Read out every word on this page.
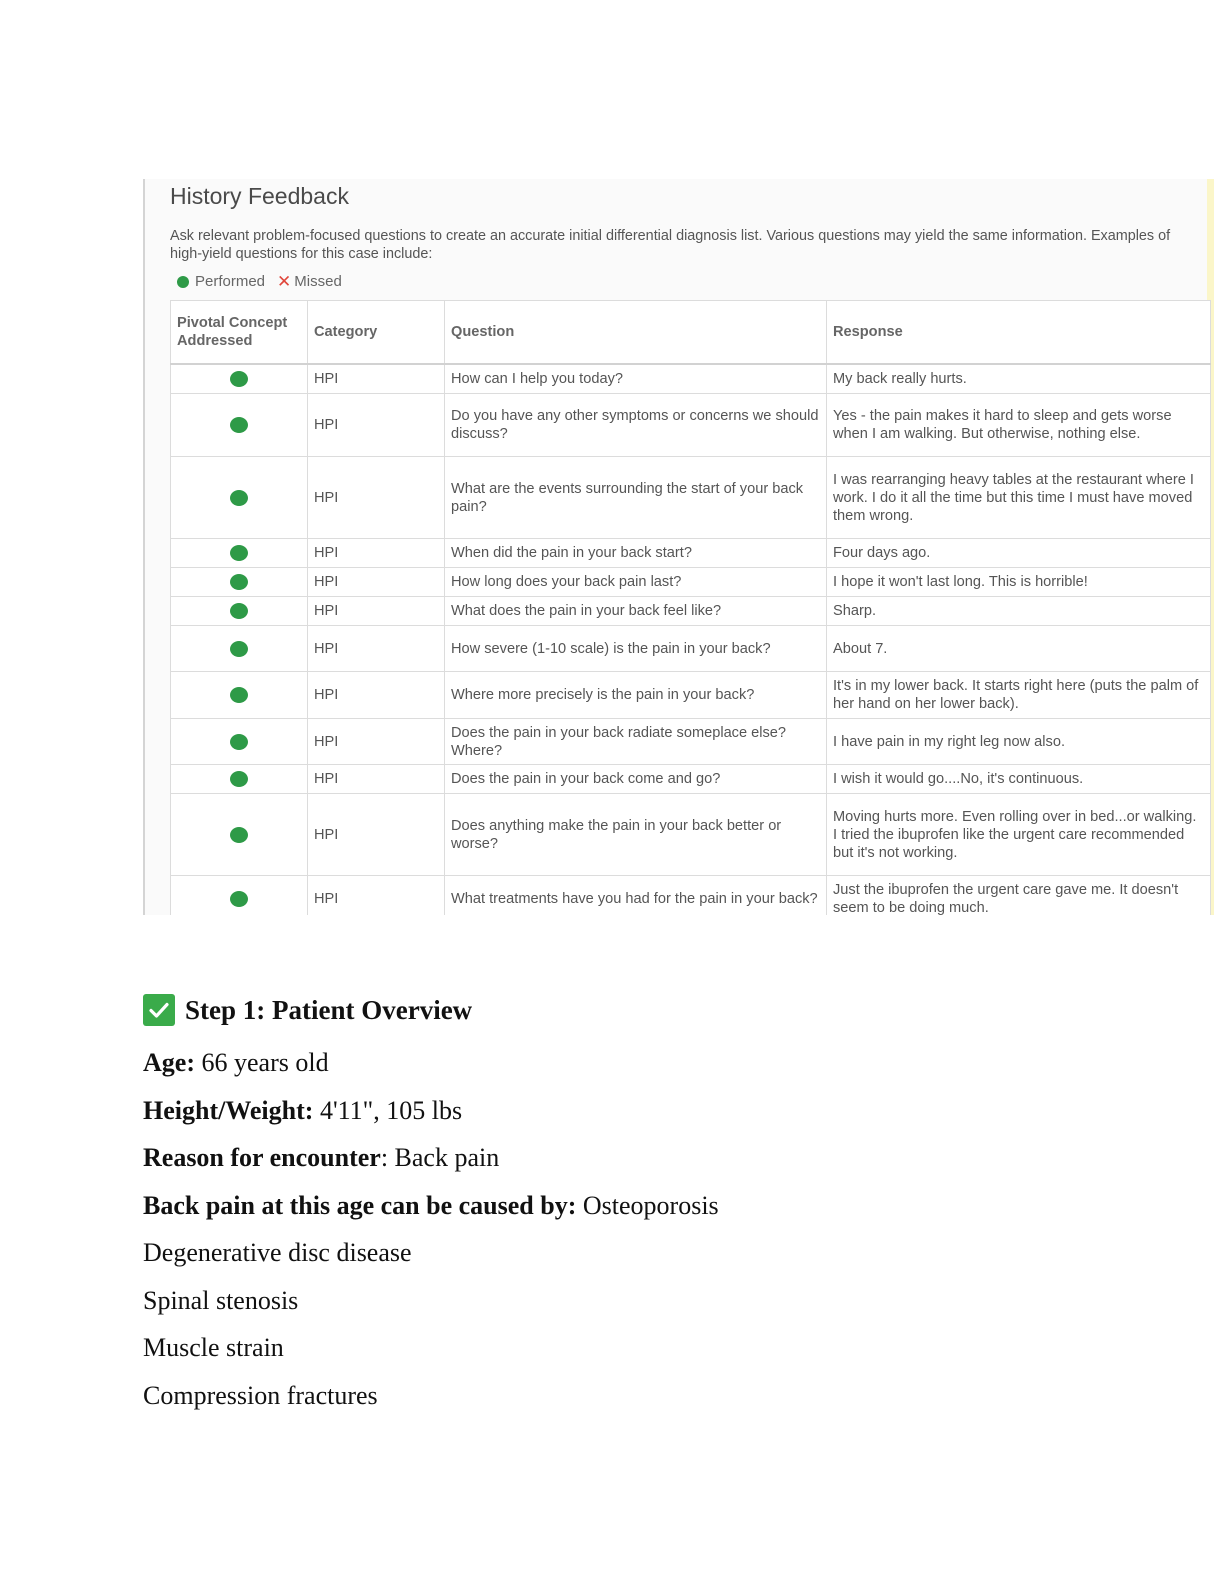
History Feedback
Ask relevant problem-focused questions to create an accurate initial differential diagnosis list. Various questions may yield the same information. Examples of high-yield questions for this case include:
Performed ✕ Missed
Pivotal Concept Addressed	Category	Question	Response

	HPI	How can I help you today?	My back really hurts.

	HPI	Do you have any other symptoms or concerns we should discuss?	Yes - the pain makes it hard to sleep and gets worse when I am walking. But otherwise, nothing else.

	HPI	What are the events surrounding the start of your back pain?	I was rearranging heavy tables at the restaurant where I work. I do it all the time but this time I must have moved them wrong.

	HPI	When did the pain in your back start?	Four days ago.

	HPI	How long does your back pain last?	I hope it won't last long. This is horrible!

	HPI	What does the pain in your back feel like?	Sharp.

	HPI	How severe (1-10 scale) is the pain in your back?	About 7.

	HPI	Where more precisely is the pain in your back?	It's in my lower back. It starts right here (puts the palm of her hand on her lower back).

	HPI	Does the pain in your back radiate someplace else? Where?	I have pain in my right leg now also.

	HPI	Does the pain in your back come and go?	I wish it would go....No, it's continuous.

	HPI	Does anything make the pain in your back better or worse?	Moving hurts more. Even rolling over in bed...or walking. I tried the ibuprofen like the urgent care recommended but it's not working.

	HPI	What treatments have you had for the pain in your back?	Just the ibuprofen the urgent care gave me. It doesn't seem to be doing much.
Step 1: Patient Overview

Age: 66 years old

Height/Weight: 4'11", 105 lbs

Reason for encounter: Back pain

Back pain at this age can be caused by: Osteoporosis

Degenerative disc disease

Spinal stenosis

Muscle strain

Compression fractures
